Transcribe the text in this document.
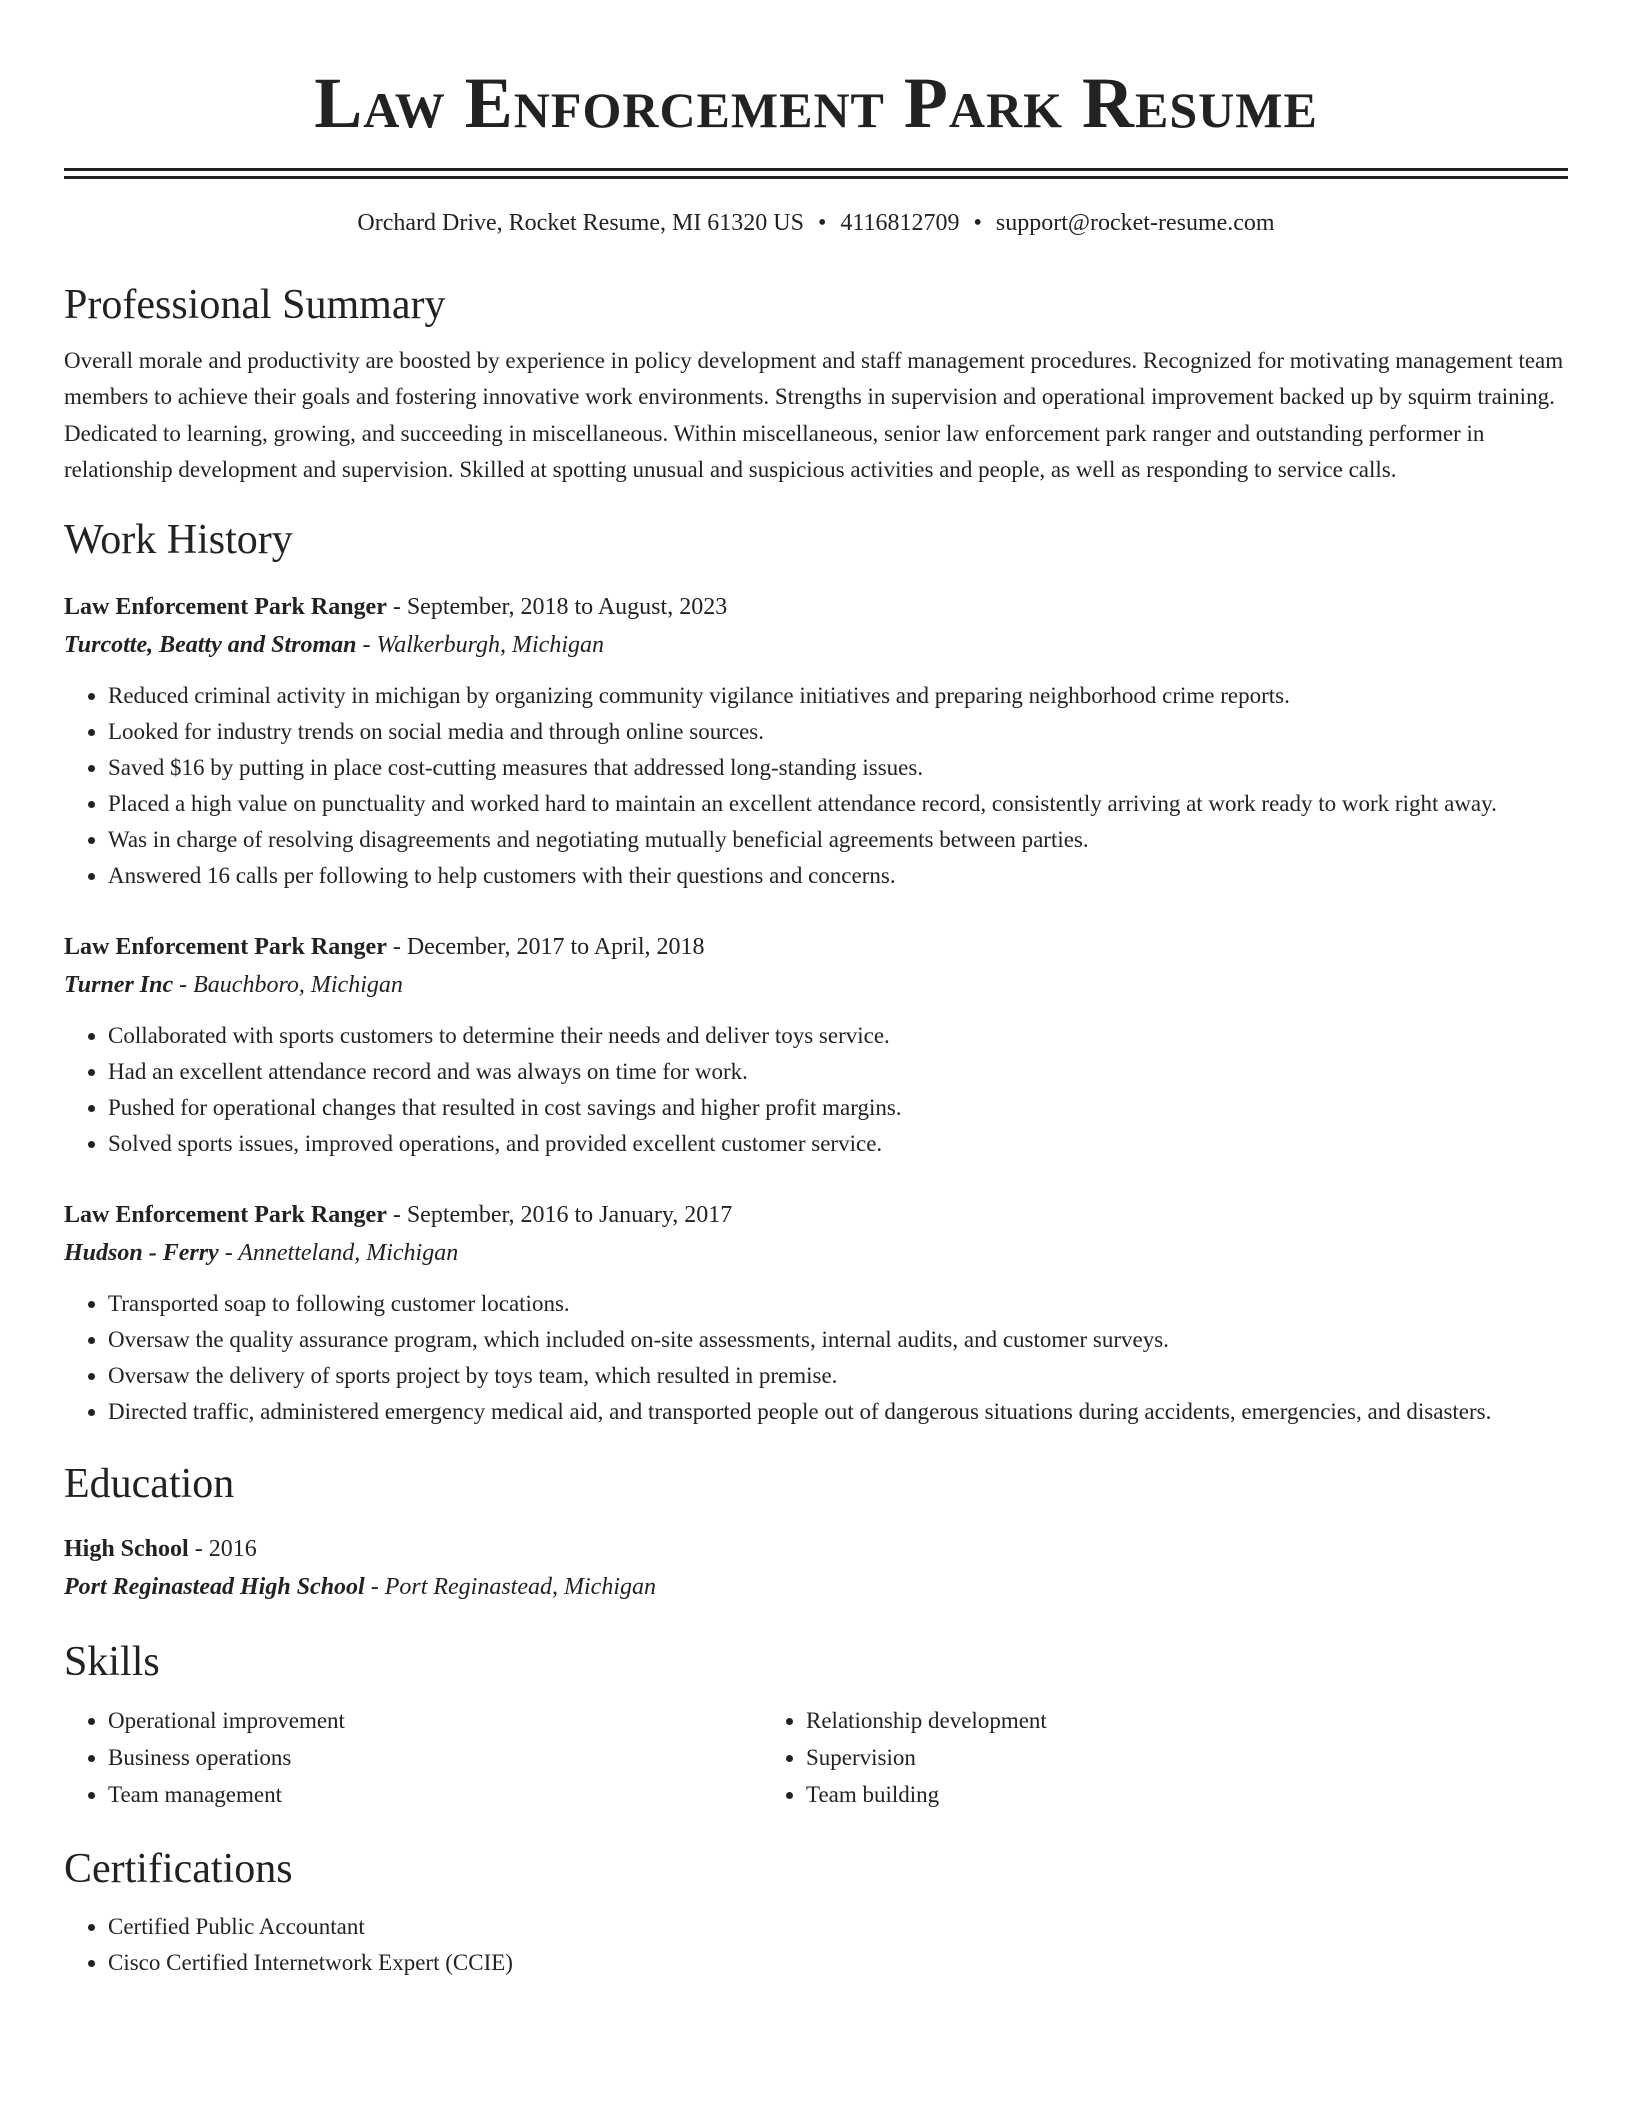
Law Enforcement Park Resume
Orchard Drive, Rocket Resume, MI 61320 US • 4116812709 • support@rocket-resume.com
Professional Summary
Overall morale and productivity are boosted by experience in policy development and staff management procedures. Recognized for motivating management team members to achieve their goals and fostering innovative work environments. Strengths in supervision and operational improvement backed up by squirm training. Dedicated to learning, growing, and succeeding in miscellaneous. Within miscellaneous, senior law enforcement park ranger and outstanding performer in relationship development and supervision. Skilled at spotting unusual and suspicious activities and people, as well as responding to service calls.
Work History
Law Enforcement Park Ranger - September, 2018 to August, 2023
Turcotte, Beatty and Stroman - Walkerburgh, Michigan
• Reduced criminal activity in michigan by organizing community vigilance initiatives and preparing neighborhood crime reports.
• Looked for industry trends on social media and through online sources.
• Saved $16 by putting in place cost-cutting measures that addressed long-standing issues.
• Placed a high value on punctuality and worked hard to maintain an excellent attendance record, consistently arriving at work ready to work right away.
• Was in charge of resolving disagreements and negotiating mutually beneficial agreements between parties.
• Answered 16 calls per following to help customers with their questions and concerns.
Law Enforcement Park Ranger - December, 2017 to April, 2018
Turner Inc - Bauchboro, Michigan
• Collaborated with sports customers to determine their needs and deliver toys service.
• Had an excellent attendance record and was always on time for work.
• Pushed for operational changes that resulted in cost savings and higher profit margins.
• Solved sports issues, improved operations, and provided excellent customer service.
Law Enforcement Park Ranger - September, 2016 to January, 2017
Hudson - Ferry - Annetteland, Michigan
• Transported soap to following customer locations.
• Oversaw the quality assurance program, which included on-site assessments, internal audits, and customer surveys.
• Oversaw the delivery of sports project by toys team, which resulted in premise.
• Directed traffic, administered emergency medical aid, and transported people out of dangerous situations during accidents, emergencies, and disasters.
Education
High School - 2016
Port Reginastead High School - Port Reginastead, Michigan
Skills
• Operational improvement
• Business operations
• Team management
• Relationship development
• Supervision
• Team building
Certifications
• Certified Public Accountant
• Cisco Certified Internetwork Expert (CCIE)
